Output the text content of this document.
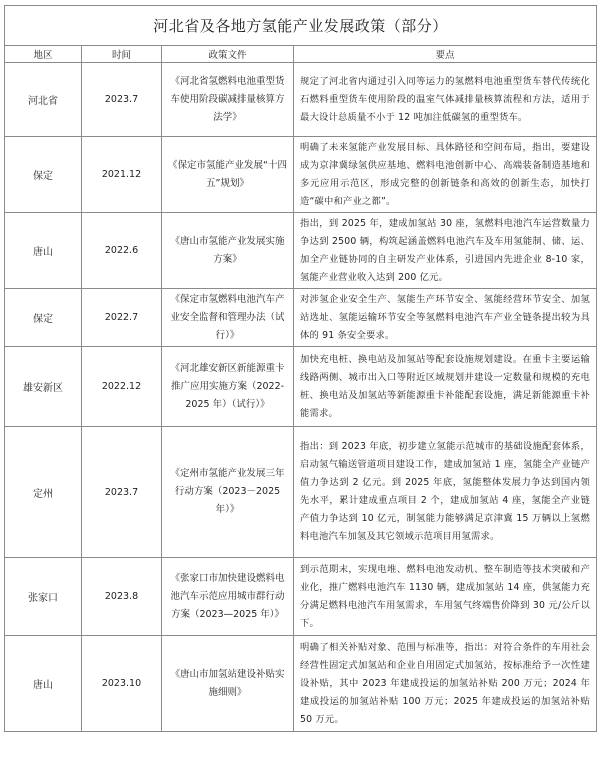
河北省及各地方氢能产业发展政策（部分）			
地区	时间	政策文件	要点
河北省	2023.7	《河北省氢燃料电池重型货车使用阶段碳减排量核算方法学》	规定了河北省内通过引入同等运力的氢燃料电池重型货车替代传统化石燃料重型货车使用阶段的温室气体减排量核算流程和方法，适用于最大设计总质量不小于 12 吨加注低碳氢的重型货车。
保定	2021.12	《保定市氢能产业发展“十四五”规划》	明确了未来氢能产业发展目标、具体路径和空间布局，指出，要建设成为京津冀绿氢供应基地、燃料电池创新中心、高端装备制造基地和多元应用示范区，形成完整的创新链条和高效的创新生态，加快打造“碳中和产业之都”。
唐山	2022.6	《唐山市氢能产业发展实施方案》	指出，到 2025 年，建成加氢站 30 座，氢燃料电池汽车运营数量力争达到 2500 辆，构筑起涵盖燃料电池汽车及车用氢能制、储、运、加全产业链协同的自主研发产业体系，引进国内先进企业 8-10 家，氢能产业营业收入达到 200 亿元。
保定	2022.7	《保定市氢燃料电池汽车产业安全监督和管理办法（试行）》	对涉氢企业安全生产、氢能生产环节安全、氢能经营环节安全、加氢站选址、氢能运输环节安全等氢燃料电池汽车产业全链条提出较为具体的 91 条安全要求。
雄安新区	2022.12	《河北雄安新区新能源重卡推广应用实施方案（2022-2025 年）（试行）》	加快充电桩、换电站及加氢站等配套设施规划建设。在重卡主要运输线路两侧、城市出入口等附近区域规划并建设一定数量和规模的充电桩、换电站及加氢站等新能源重卡补能配套设施，满足新能源重卡补能需求。
定州	2023.7	《定州市氢能产业发展三年行动方案（2023－2025 年）》	指出：到 2023 年底，初步建立氢能示范城市的基础设施配套体系，启动氢气输送管道项目建设工作，建成加氢站 1 座，氢能全产业链产值力争达到 2 亿元。到 2025 年底，氢能整体发展力争达到国内领先水平，累计建成重点项目 2 个，建成加氢站 4 座，氢能全产业链产值力争达到 10 亿元，制氢能力能够满足京津冀 15 万辆以上氢燃料电池汽车加氢及其它领域示范项目用氢需求。
张家口	2023.8	《张家口市加快建设燃料电池汽车示范应用城市群行动方案（2023—2025 年）》	到示范期末，实现电堆、燃料电池发动机、整车制造等技术突破和产业化，推广燃料电池汽车 1130 辆，建成加氢站 14 座，供氢能力充分满足燃料电池汽车用氢需求，车用氢气终端售价降到 30 元/公斤以下。
唐山	2023.10	《唐山市加氢站建设补贴实施细则》	明确了相关补贴对象、范围与标准等，指出：对符合条件的车用社会经营性固定式加氢站和企业自用固定式加氢站，按标准给予一次性建设补贴，其中 2023 年建成投运的加氢站补贴 200 万元；2024 年建成投运的加氢站补贴 100 万元；2025 年建成投运的加氢站补贴 50 万元。
